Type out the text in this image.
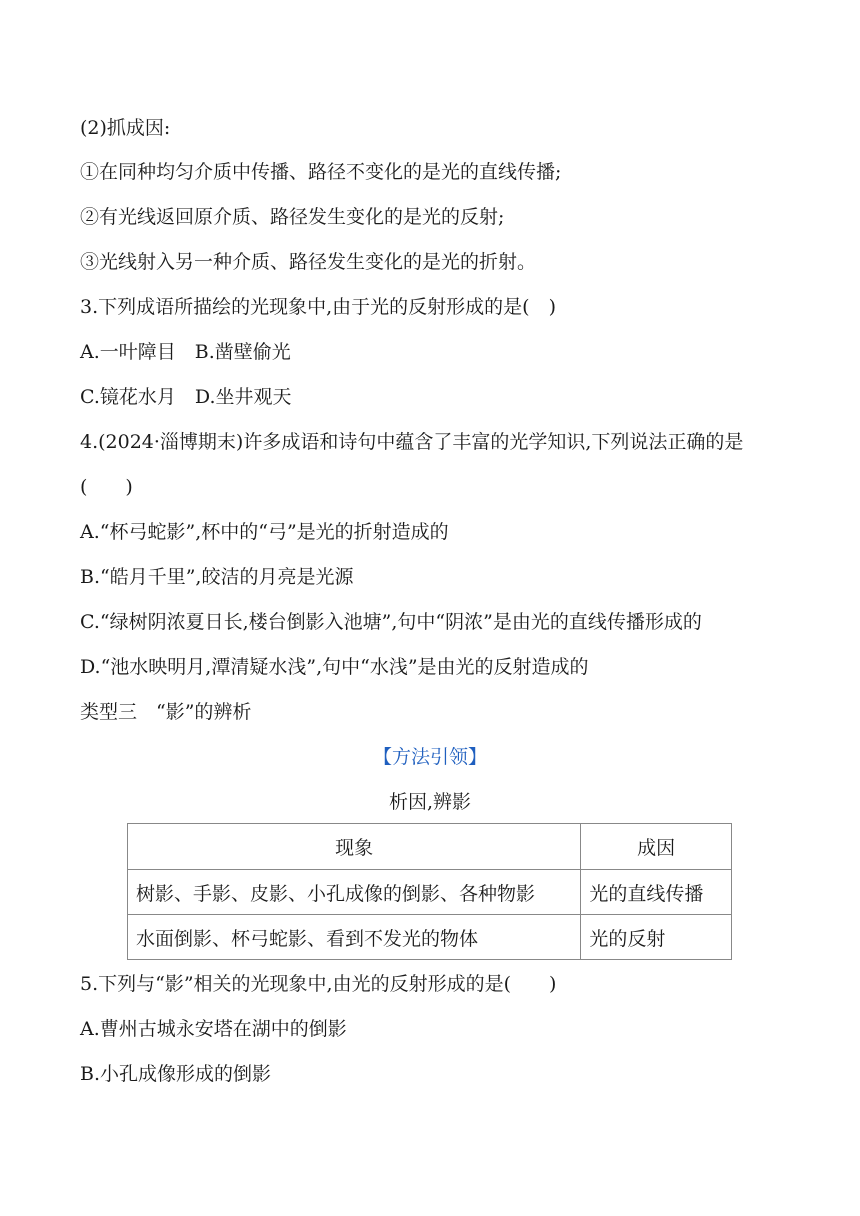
(2)抓成因:
①在同种均匀介质中传播、路径不变化的是光的直线传播;
②有光线返回原介质、路径发生变化的是光的反射;
③光线射入另一种介质、路径发生变化的是光的折射。
3.下列成语所描绘的光现象中,由于光的反射形成的是(　)
A.一叶障目　B.凿壁偷光
C.镜花水月　D.坐井观天
4.(2024·淄博期末)许多成语和诗句中蕴含了丰富的光学知识,下列说法正确的是
(　　)
A.“杯弓蛇影”,杯中的“弓”是光的折射造成的
B.“皓月千里”,皎洁的月亮是光源
C.“绿树阴浓夏日长,楼台倒影入池塘”,句中“阴浓”是由光的直线传播形成的
D.“池水映明月,潭清疑水浅”,句中“水浅”是由光的反射造成的
类型三　“影”的辨析
【方法引领】
析因,辨影
现象	成因
树影、手影、皮影、小孔成像的倒影、各种物影	光的直线传播
水面倒影、杯弓蛇影、看到不发光的物体	光的反射
5.下列与“影”相关的光现象中,由光的反射形成的是(　　)
A.曹州古城永安塔在湖中的倒影
B.小孔成像形成的倒影
